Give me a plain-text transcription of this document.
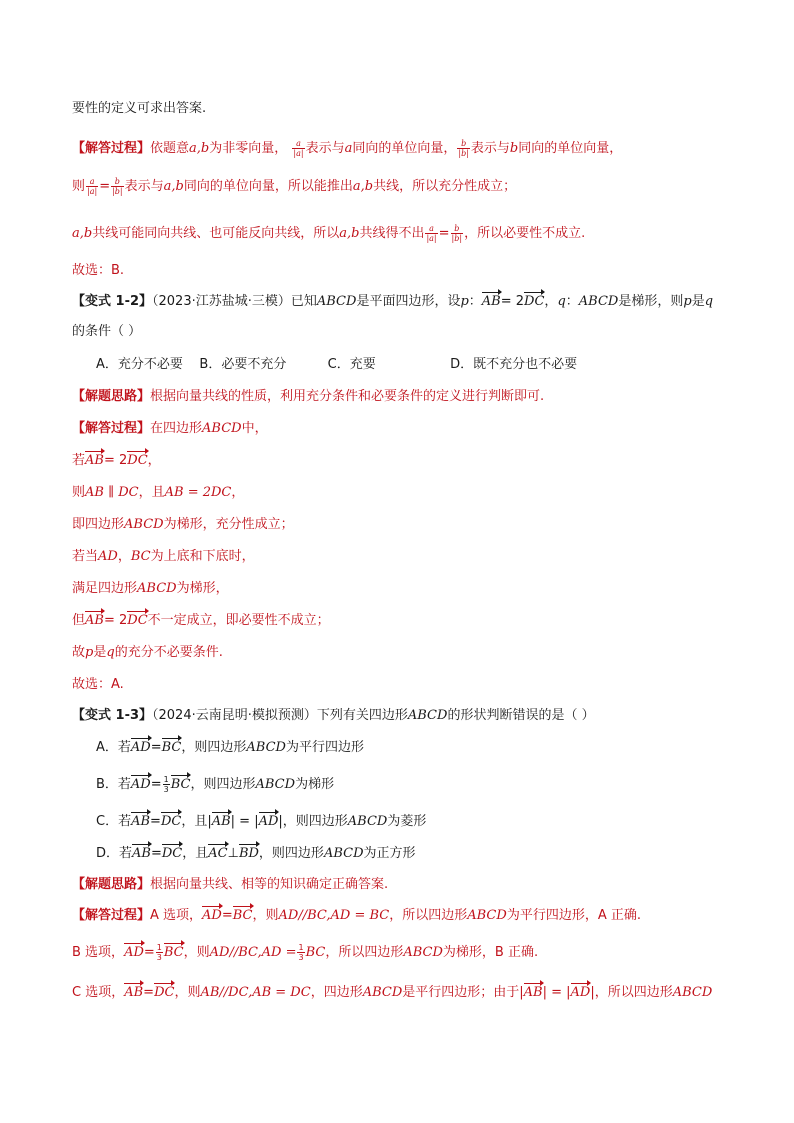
要性的定义可求出答案.
【解答过程】依题意a,b为非零向量， $\frac{a}{|a|}$ 表示与a同向的单位向量， $\frac{b}{|b|}$ 表示与b同向的单位向量，
则 $\frac{a}{|a|} = \frac{b}{|b|}$ 表示与a,b同向的单位向量，所以能推出a,b共线，所以充分性成立；
a,b共线可能同向共线、也可能反向共线，所以a,b共线得不出 $\frac{a}{|a|} = \frac{b}{|b|}$ ，所以必要性不成立.
故选：B.
【变式 1-2】（2023·江苏盐城·三模）已知ABCD是平面四边形，设p：AB= 2DC，q：ABCD是梯形，则p是q
的条件（ ）
A．充分不必要    B．必要不充分          C．充要                  D．既不充分也不必要
【解题思路】根据向量共线的性质，利用充分条件和必要条件的定义进行判断即可.
【解答过程】在四边形ABCD中，
若AB= 2DC，
则AB ∥ DC，且AB = 2DC，
即四边形ABCD为梯形，充分性成立；
若当AD，BC为上底和下底时，
满足四边形ABCD为梯形，
但AB= 2DC不一定成立，即必要性不成立；
故p是q的充分不必要条件.
故选：A.
【变式 1-3】（2024·云南昆明·模拟预测）下列有关四边形ABCD的形状判断错误的是（ ）
A．若AD=BC，则四边形ABCD为平行四边形
B．若$AD= \frac{1}{3}$ BC，则四边形ABCD为梯形
C．若AB=DC，且|AB| = |AD|，则四边形ABCD为菱形
D．若AB=DC，且AC⊥BD，则四边形ABCD为正方形
【解题思路】根据向量共线、相等的知识确定正确答案.
【解答过程】A 选项，AD=BC，则AD//BC,AD = BC，所以四边形ABCD为平行四边形，A 正确.
B 选项，$AD= \frac{1}{3}$ BC，则$AD//BC,AD = \frac{1}{3}$ BC，所以四边形ABCD为梯形，B 正确.
C 选项，AB=DC，则AB//DC,AB = DC，四边形ABCD是平行四边形；由于|AB| = |AD|，所以四边形ABCD
